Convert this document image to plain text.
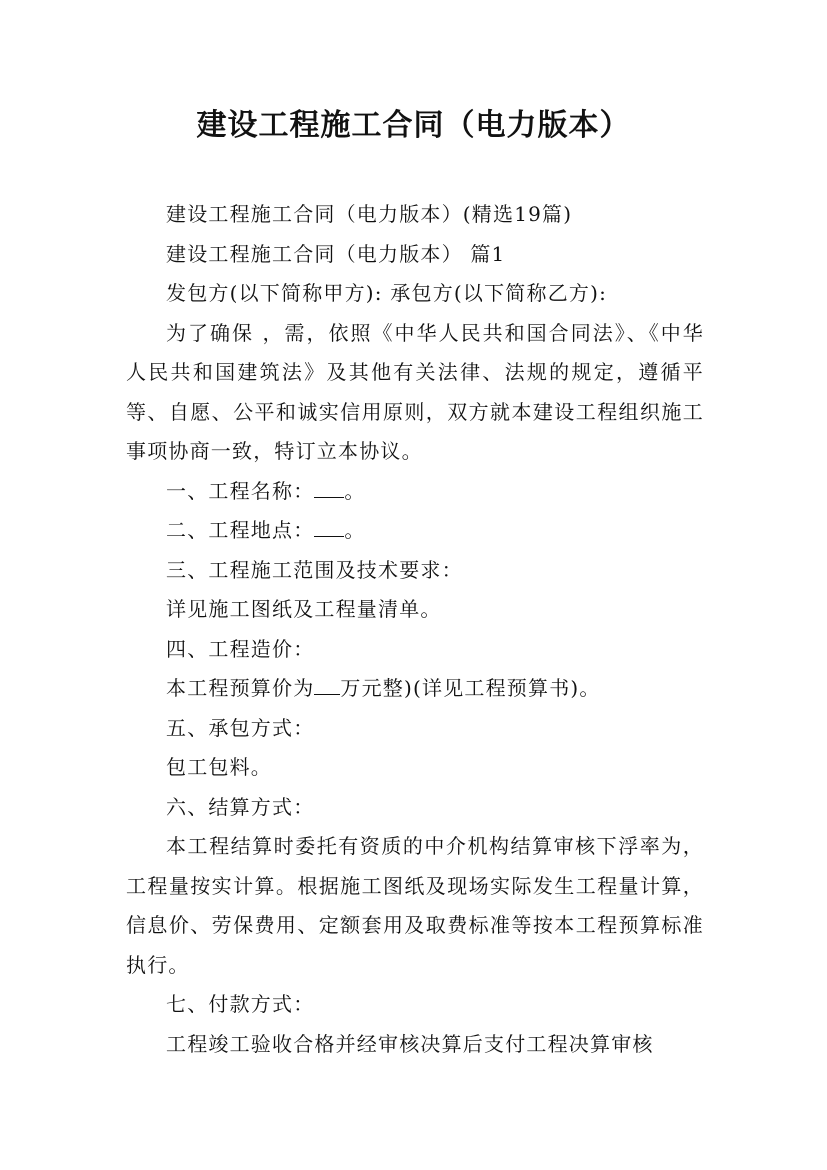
建设工程施工合同（电力版本）

建设工程施工合同（电力版本）(精选19篇)

建设工程施工合同（电力版本） 篇1

发包方(以下简称甲方): 承包方(以下简称乙方):

为了确保 ，需，依照《中华人民共和国合同法》、《中华人民共和国建筑法》及其他有关法律、法规的规定，遵循平等、自愿、公平和诚实信用原则，双方就本建设工程组织施工事项协商一致，特订立本协议。

一、工程名称： 。

二、工程地点： 。

三、工程施工范围及技术要求：

详见施工图纸及工程量清单。

四、工程造价：

本工程预算价为 万元整)(详见工程预算书)。

五、承包方式：

包工包料。

六、结算方式：

本工程结算时委托有资质的中介机构结算审核下浮率为，工程量按实计算。根据施工图纸及现场实际发生工程量计算，信息价、劳保费用、定额套用及取费标准等按本工程预算标准执行。

七、付款方式：

工程竣工验收合格并经审核决算后支付工程决算审核
